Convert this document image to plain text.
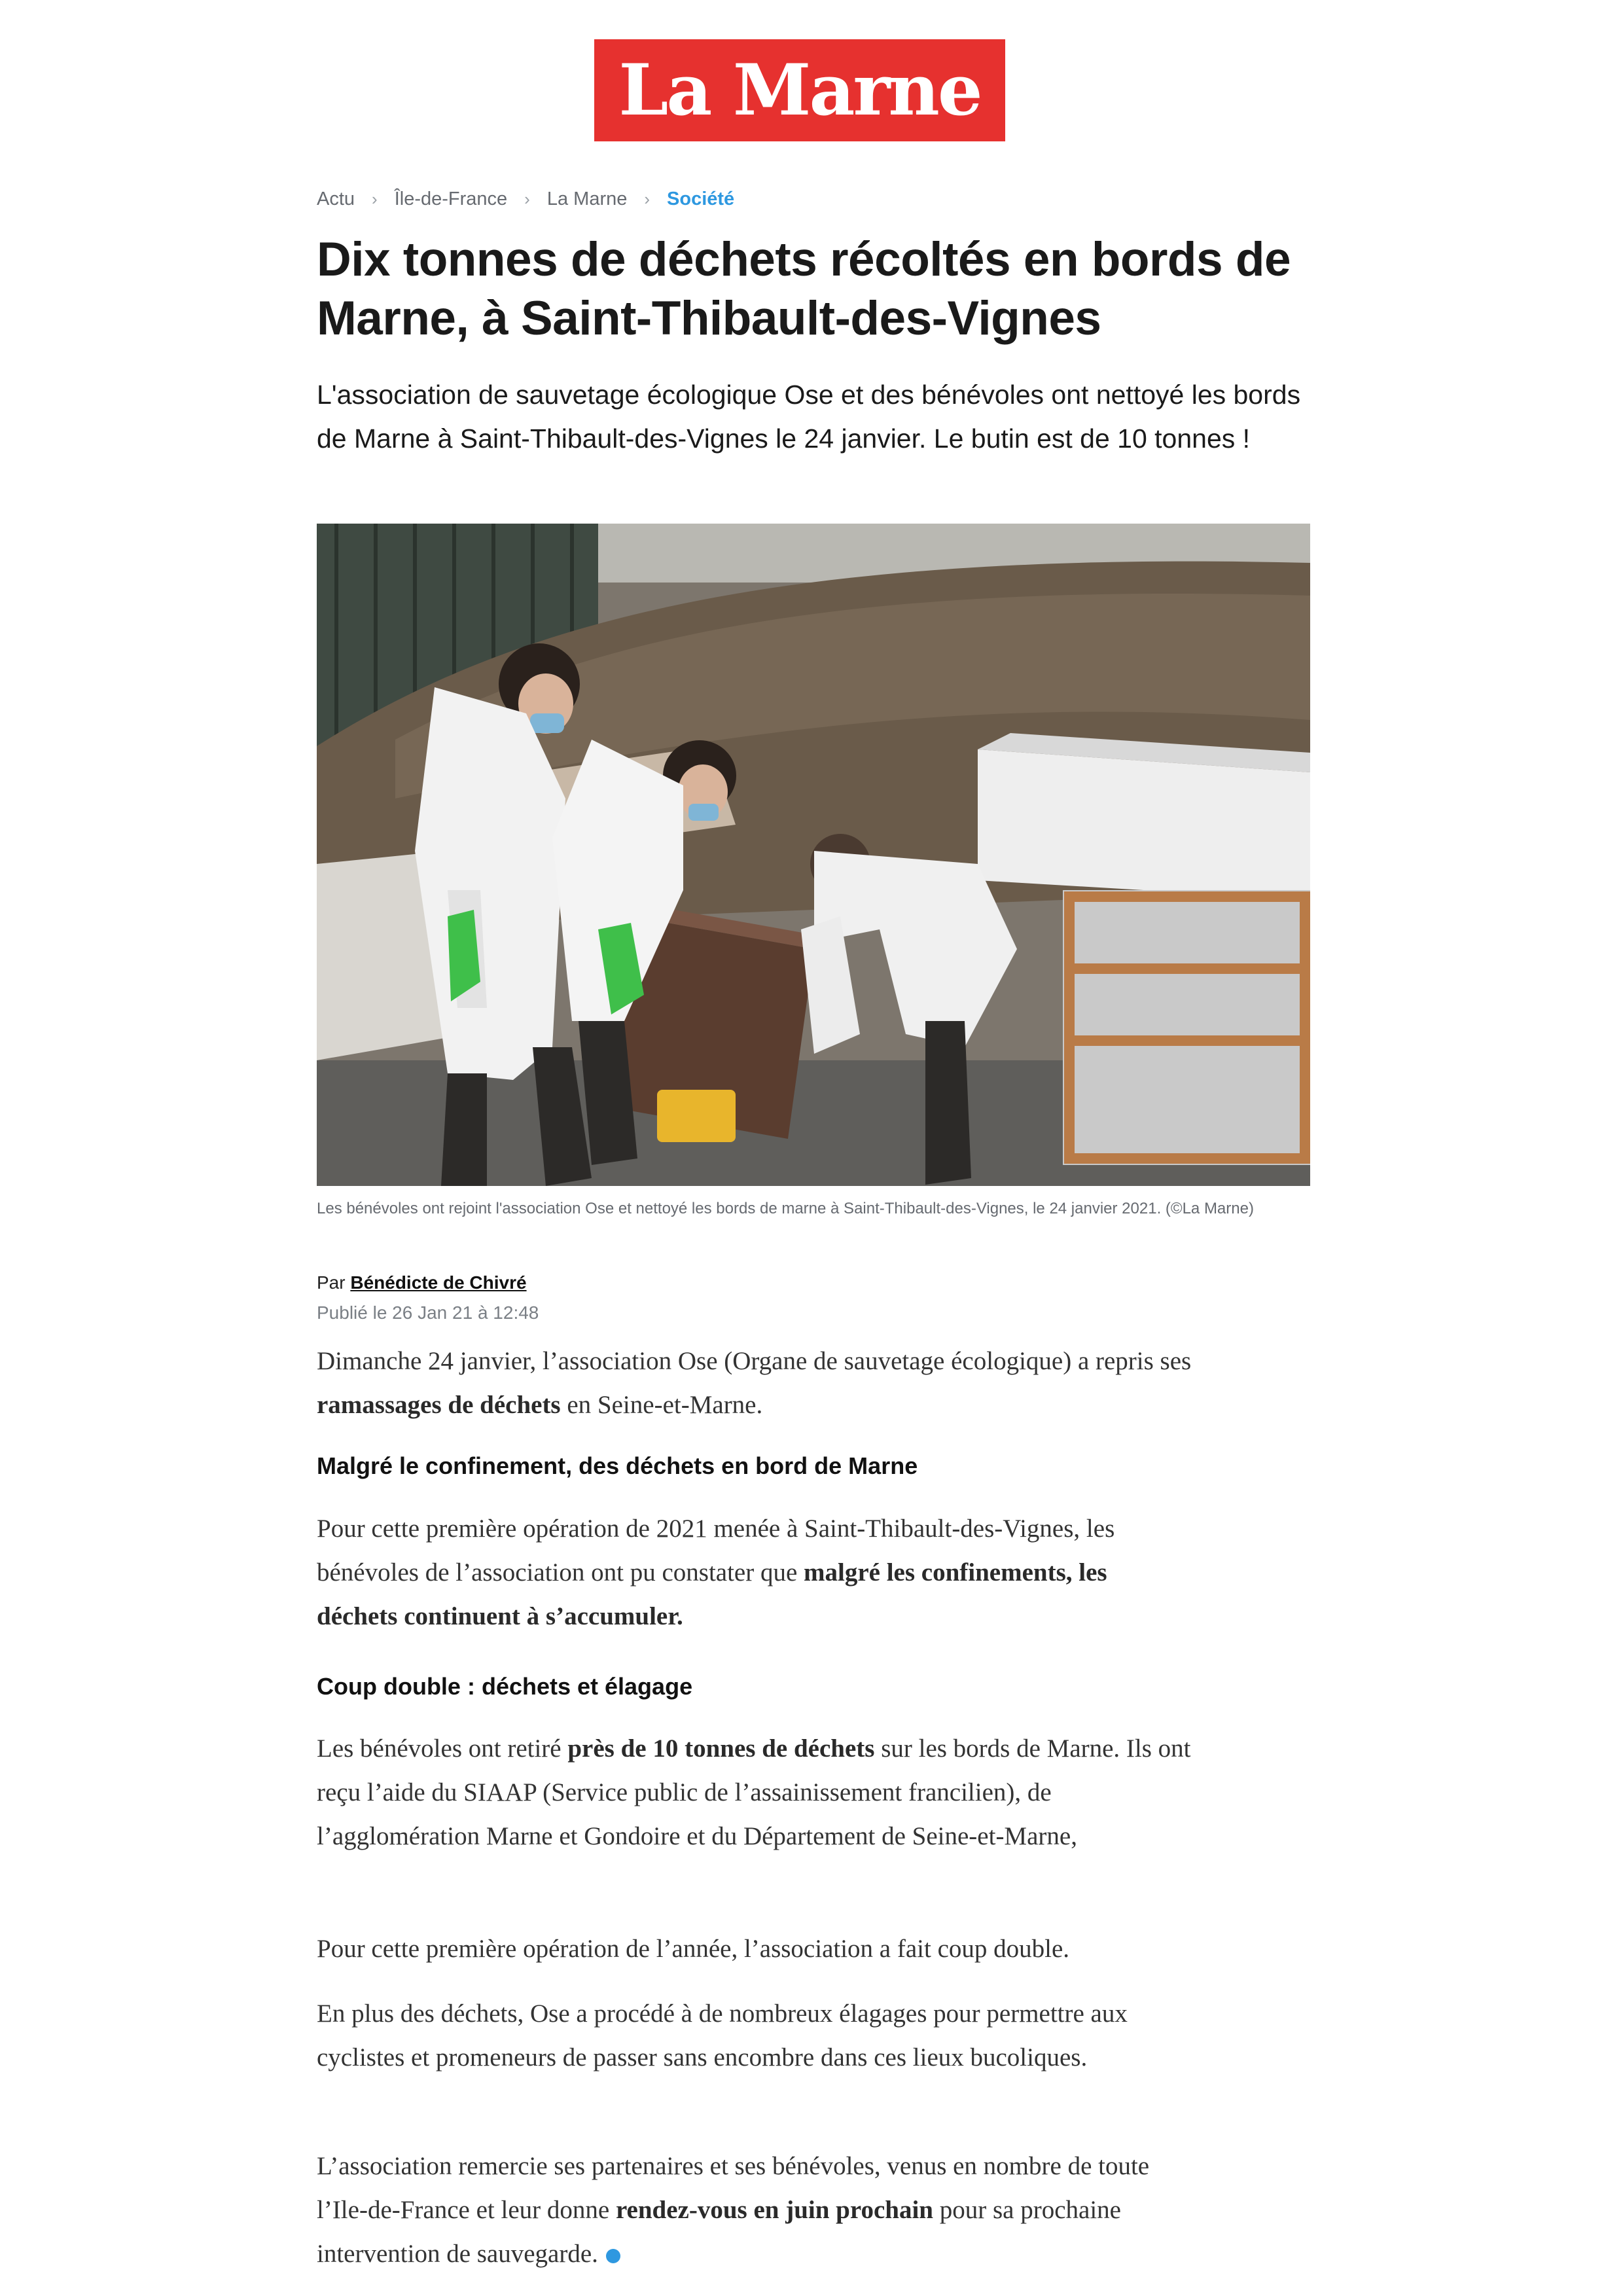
La Marne
Actu › Île-de-France › La Marne › Société
Dix tonnes de déchets récoltés en bords de Marne, à Saint-Thibault-des-Vignes

L'association de sauvetage écologique Ose et des bénévoles ont nettoyé les bords de Marne à Saint-Thibault-des-Vignes le 24 janvier. Le butin est de 10 tonnes !

Les bénévoles ont rejoint l'association Ose et nettoyé les bords de marne à Saint-Thibault-des-Vignes, le 24 janvier 2021. (©La Marne)

Par Bénédicte de Chivré
Publié le 26 Jan 21 à 12:48

Dimanche 24 janvier, l’association Ose (Organe de sauvetage écologique) a repris ses ramassages de déchets en Seine-et-Marne.

Malgré le confinement, des déchets en bord de Marne

Pour cette première opération de 2021 menée à Saint-Thibault-des-Vignes, les bénévoles de l’association ont pu constater que malgré les confinements, les déchets continuent à s’accumuler.

Coup double : déchets et élagage

Les bénévoles ont retiré près de 10 tonnes de déchets sur les bords de Marne. Ils ont reçu l’aide du SIAAP (Service public de l’assainissement francilien), de l’agglomération Marne et Gondoire et du Département de Seine-et-Marne,

Pour cette première opération de l’année, l’association a fait coup double.

En plus des déchets, Ose a procédé à de nombreux élagages pour permettre aux cyclistes et promeneurs de passer sans encombre dans ces lieux bucoliques.

L’association remercie ses partenaires et ses bénévoles, venus en nombre de toute l’Ile-de-France et leur donne rendez-vous en juin prochain pour sa prochaine intervention de sauvegarde.
